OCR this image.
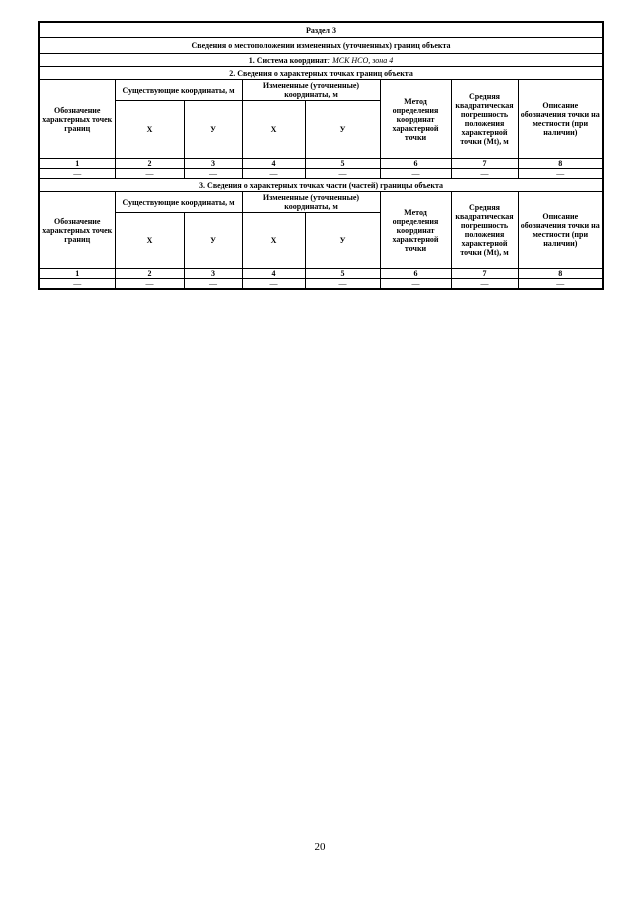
Раздел 3							
Сведения о местоположении измененных (уточненных) границ объекта							
1. Система координат: МСК НСО, зона 4							
2. Сведения о характерных точках границ объекта							
Обозначение характерных точек границ	Существующие координаты, м		Измененные (уточненные) координаты, м		Метод определения координат характерной точки	Средняя квадратическая погрешность положения характерной точки (Mt), м	Описание обозначения точки на местности (при наличии)
	X	У	X	У			
1	2	3	4	5	6	7	8
—	—	—	—	—	—	—	—
3. Сведения о характерных точках части (частей) границы объекта							
Обозначение характерных точек границ	Существующие координаты, м		Измененные (уточненные) координаты, м		Метод определения координат характерной точки	Средняя квадратическая погрешность положения характерной точки (Mt), м	Описание обозначения точки на местности (при наличии)
	X	У	X	У			
1	2	3	4	5	6	7	8
—	—	—	—	—	—	—	—
20
